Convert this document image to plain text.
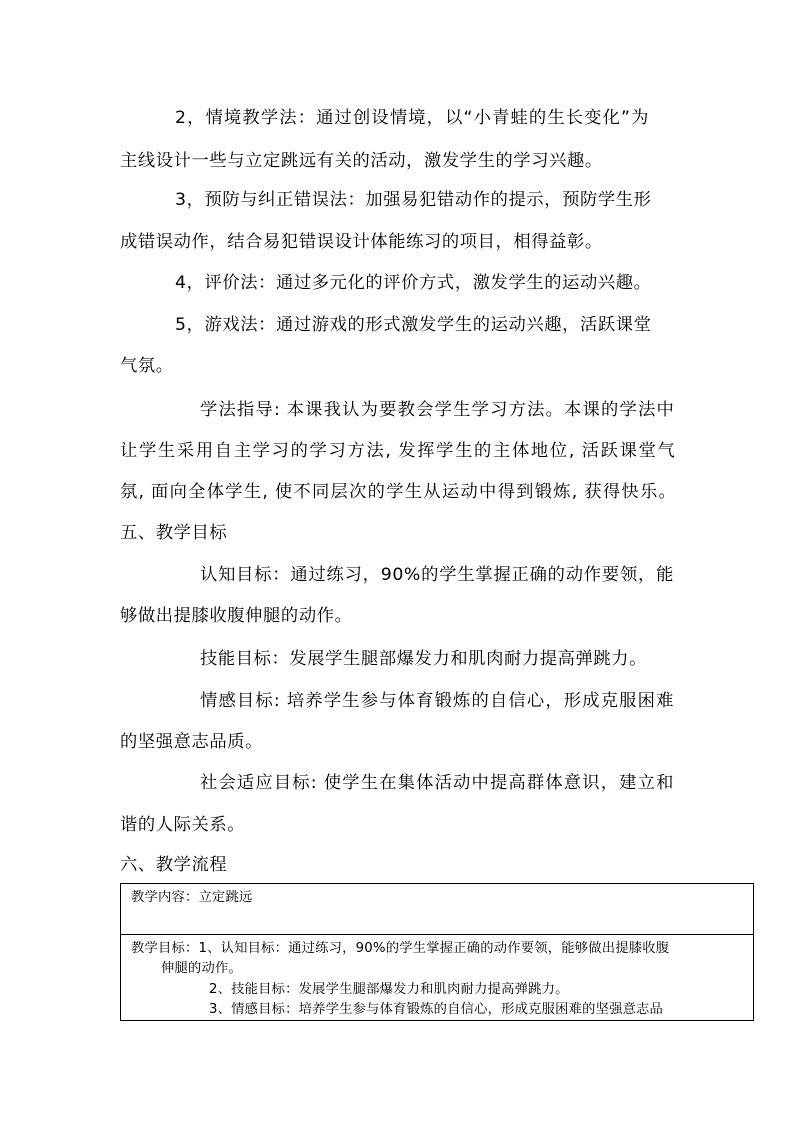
2，情境教学法：通过创设情境，以“小青蛙的生长变化”为
主线设计一些与立定跳远有关的活动，激发学生的学习兴趣。
3，预防与纠正错误法：加强易犯错动作的提示，预防学生形
成错误动作，结合易犯错误设计体能练习的项目，相得益彰。
4，评价法：通过多元化的评价方式，激发学生的运动兴趣。
5，游戏法：通过游戏的形式激发学生的运动兴趣，活跃课堂
气氛。
学法指导: 本课我认为要教会学生学习方法。本课的学法中
让学生采用自主学习的学习方法, 发挥学生的主体地位, 活跃课堂气
氛, 面向全体学生, 使不同层次的学生从运动中得到锻炼, 获得快乐。
五、教学目标
认知目标：通过练习，90%的学生掌握正确的动作要领，能
够做出提膝收腹伸腿的动作。
技能目标：发展学生腿部爆发力和肌肉耐力提高弹跳力。
情感目标: 培养学生参与体育锻炼的自信心，形成克服困难
的坚强意志品质。
社会适应目标: 使学生在集体活动中提高群体意识，建立和
谐的人际关系。
六、教学流程
教学内容：立定跳远
教学目标：1、认知目标：通过练习，90%的学生掌握正确的动作要领，能够做出提膝收腹
伸腿的动作。
2、技能目标：发展学生腿部爆发力和肌肉耐力提高弹跳力。
3、情感目标：培养学生参与体育锻炼的自信心，形成克服困难的坚强意志品
